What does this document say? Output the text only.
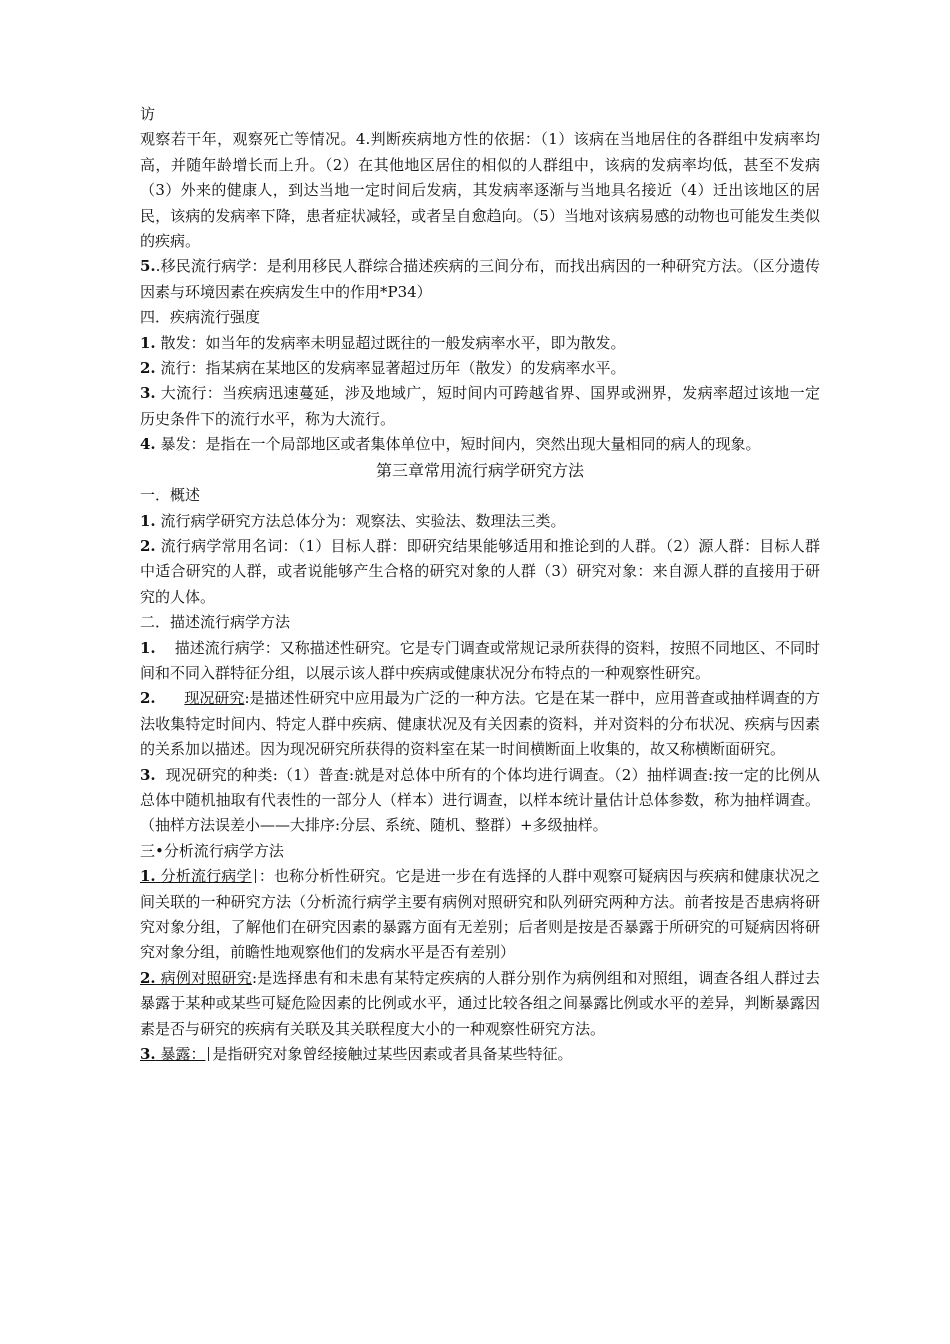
访

观察若干年，观察死亡等情况。4.判断疾病地方性的依据：（1）该病在当地居住的各群组中发病率均高，并随年龄增长而上升。（2）在其他地区居住的相似的人群组中，该病的发病率均低，甚至不发病（3）外来的健康人，到达当地一定时间后发病，其发病率逐渐与当地具名接近（4）迁出该地区的居民，该病的发病率下降，患者症状减轻，或者呈自愈趋向。（5）当地对该病易感的动物也可能发生类似的疾病。

5..移民流行病学：是利用移民人群综合描述疾病的三间分布，而找出病因的一种研究方法。（区分遗传因素与环境因素在疾病发生中的作用*P34）

四．疾病流行强度

1. 散发：如当年的发病率未明显超过既往的一般发病率水平，即为散发。

2. 流行：指某病在某地区的发病率显著超过历年（散发）的发病率水平。

3. 大流行：当疾病迅速蔓延，涉及地域广，短时间内可跨越省界、国界或洲界，发病率超过该地一定历史条件下的流行水平，称为大流行。

4. 暴发：是指在一个局部地区或者集体单位中，短时间内，突然出现大量相同的病人的现象。

第三章常用流行病学研究方法

一．概述

1. 流行病学研究方法总体分为：观察法、实验法、数理法三类。

2. 流行病学常用名词：（1）目标人群：即研究结果能够适用和推论到的人群。（2）源人群：目标人群中适合研究的人群，或者说能够产生合格的研究对象的人群（3）研究对象：来自源人群的直接用于研究的人体。

二．描述流行病学方法

1. 描述流行病学：又称描述性研究。它是专门调查或常规记录所获得的资料，按照不同地区、不同时间和不同入群特征分组，以展示该人群中疾病或健康状况分布特点的一种观察性研究。

2. 现况研究:是描述性研究中应用最为广泛的一种方法。它是在某一群中，应用普查或抽样调查的方法收集特定时间内、特定人群中疾病、健康状况及有关因素的资料，并对资料的分布状况、疾病与因素的关系加以描述。因为现况研究所获得的资料室在某一时间横断面上收集的，故又称横断面研究。

3. 现况研究的种类:（1）普查:就是对总体中所有的个体均进行调查。（2）抽样调查:按一定的比例从总体中随机抽取有代表性的一部分人（样本）进行调查，以样本统计量估计总体参数，称为抽样调查。（抽样方法误差小——大排序:分层、系统、随机、整群）+多级抽样。

三•分析流行病学方法

1. 分析流行病学 ：也称分析性研究。它是进一步在有选择的人群中观察可疑病因与疾病和健康状况之间关联的一种研究方法（分析流行病学主要有病例对照研究和队列研究两种方法。前者按是否患病将研究对象分组，了解他们在研究因素的暴露方面有无差别；后者则是按是否暴露于所研究的可疑病因将研究对象分组，前瞻性地观察他们的发病水平是否有差别）

2. 病例对照研究:是选择患有和未患有某特定疾病的人群分别作为病例组和对照组，调查各组人群过去暴露于某种或某些可疑危险因素的比例或水平，通过比较各组之间暴露比例或水平的差异，判断暴露因素是否与研究的疾病有关联及其关联程度大小的一种观察性研究方法。

3. 暴露： 是指研究对象曾经接触过某些因素或者具备某些特征。
